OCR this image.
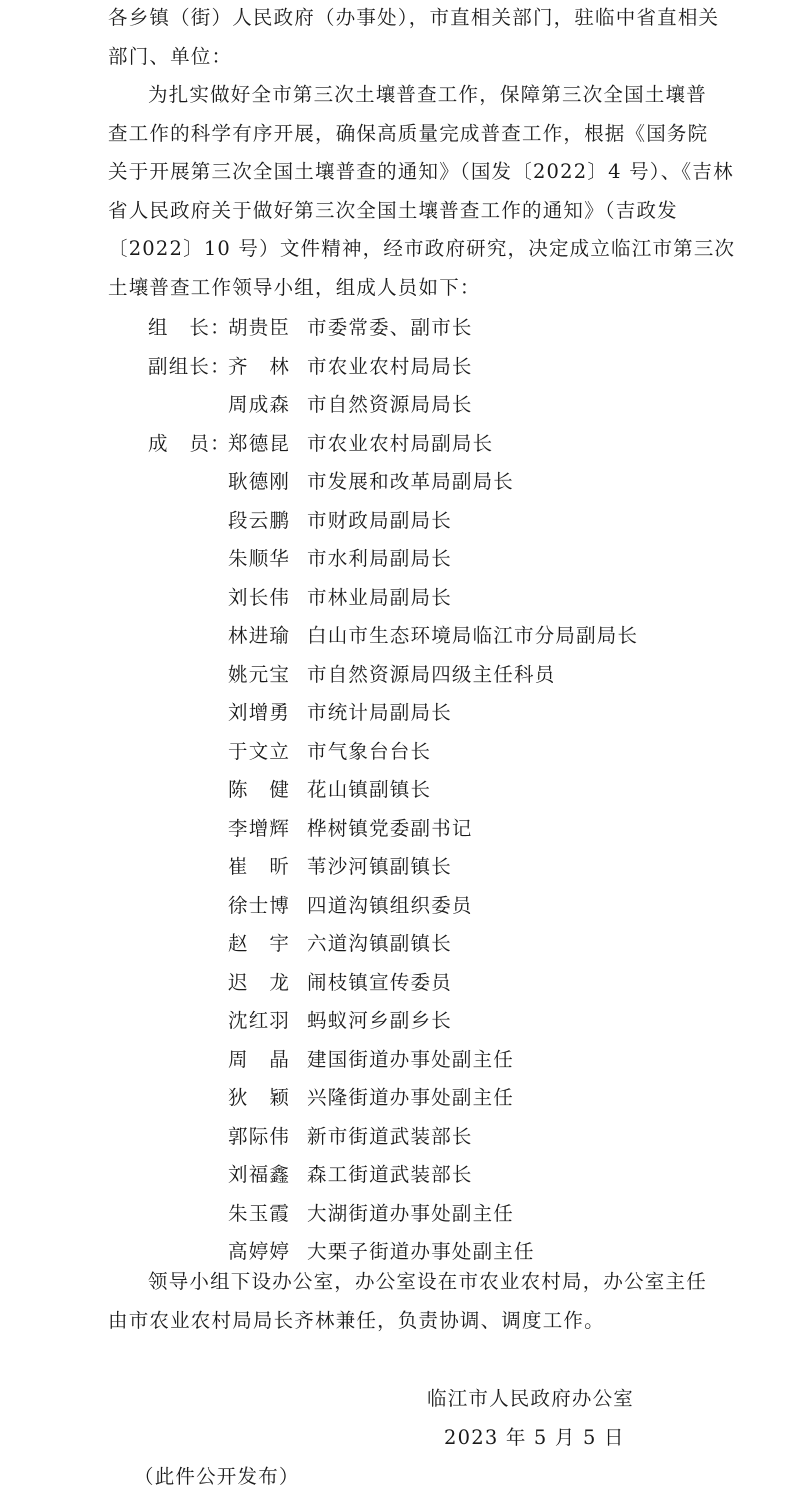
各乡镇（街）人民政府（办事处），市直相关部门，驻临中省直相关
部门、单位：

为扎实做好全市第三次土壤普查工作，保障第三次全国土壤普
查工作的科学有序开展，确保高质量完成普查工作，根据《国务院
关于开展第三次全国土壤普查的通知》（国发〔2022〕4 号）、《吉林
省人民政府关于做好第三次全国土壤普查工作的通知》（吉政发
〔2022〕10 号）文件精神，经市政府研究，决定成立临江市第三次
土壤普查工作领导小组，组成人员如下：

组　长：
胡贵臣 市委常委、副市长
副组长：
齐　林 市农业农村局局长
周成森 市自然资源局局长
成　员：
郑德昆 市农业农村局副局长
耿德刚 市发展和改革局副局长
段云鹏 市财政局副局长
朱顺华 市水利局副局长
刘长伟 市林业局副局长
林进瑜 白山市生态环境局临江市分局副局长
姚元宝 市自然资源局四级主任科员
刘增勇 市统计局副局长
于文立 市气象台台长
陈　健 花山镇副镇长
李增辉 桦树镇党委副书记
崔　昕 苇沙河镇副镇长
徐士博 四道沟镇组织委员
赵　宇 六道沟镇副镇长
迟　龙 闹枝镇宣传委员
沈红羽 蚂蚁河乡副乡长
周　晶 建国街道办事处副主任
狄　颖 兴隆街道办事处副主任
郭际伟 新市街道武装部长
刘福鑫 森工街道武装部长
朱玉霞 大湖街道办事处副主任
高婷婷 大栗子街道办事处副主任

领导小组下设办公室，办公室设在市农业农村局，办公室主任
由市农业农村局局长齐林兼任，负责协调、调度工作。

临江市人民政府办公室
2023 年 5 月 5 日
（此件公开发布）
